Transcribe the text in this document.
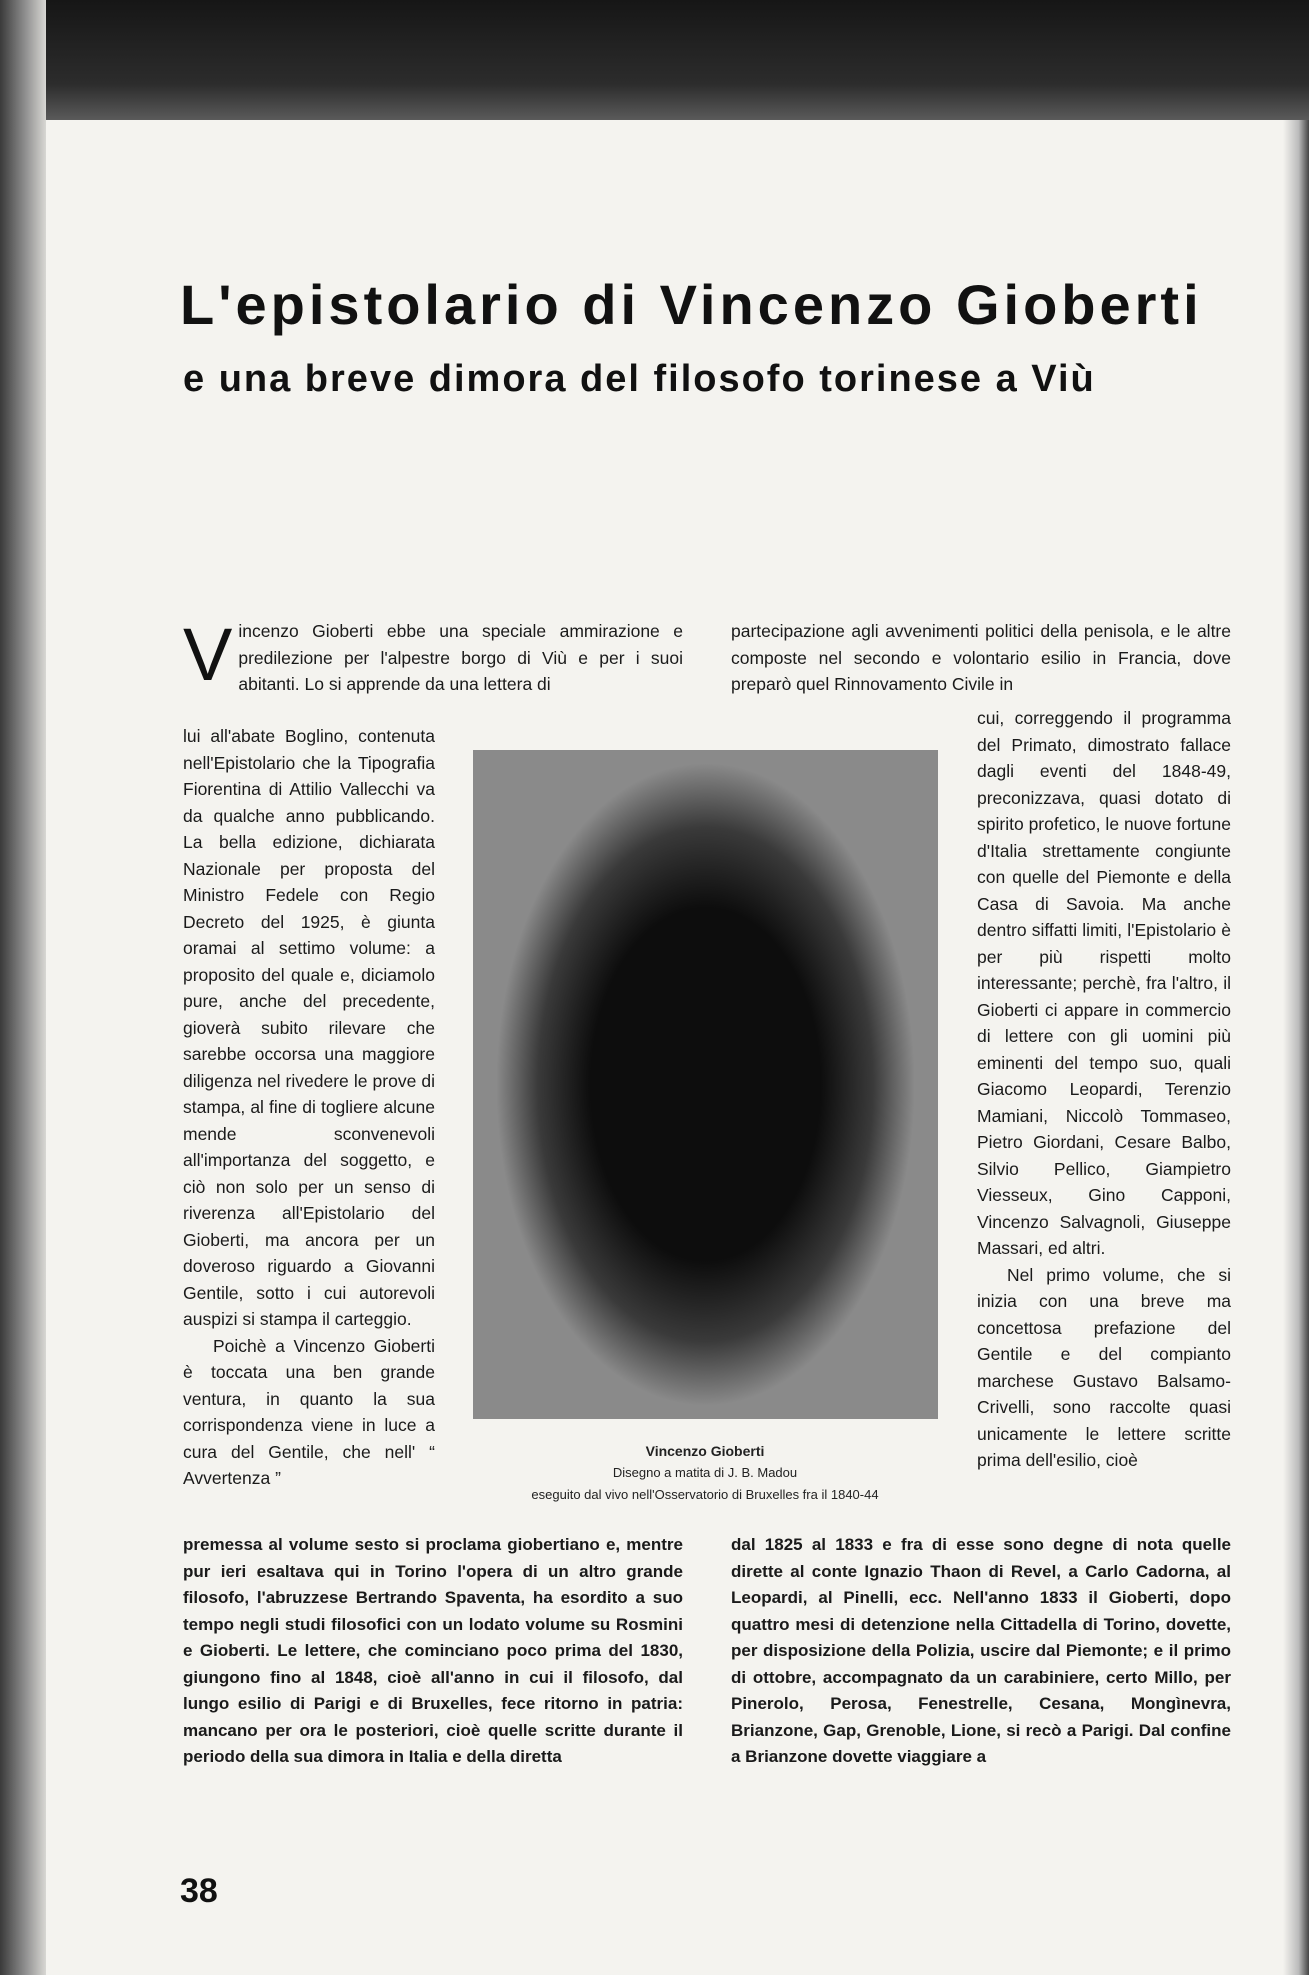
L'epistolario di Vincenzo Gioberti
e una breve dimora del filosofo torinese a Viù
V incenzo Gioberti ebbe una speciale ammirazione e predilezione per l'alpestre borgo di Viù e per i suoi abitanti. Lo si apprende da una lettera di

lui all'abate Boglino, contenuta nell'Epistolario che la Tipografia Fiorentina di Attilio Vallecchi va da qualche anno pubblicando. La bella edizione, dichiarata Nazionale per proposta del Ministro Fedele con Regio Decreto del 1925, è giunta oramai al settimo volume: a proposito del quale e, diciamolo pure, anche del precedente, gioverà subito rilevare che sarebbe occorsa una maggiore diligenza nel rivedere le prove di stampa, al fine di togliere alcune mende sconvenevoli all'importanza del soggetto, e ciò non solo per un senso di riverenza all'Epistolario del Gioberti, ma ancora per un doveroso riguardo a Giovanni Gentile, sotto i cui autorevoli auspizi si stampa il carteggio.

Poichè a Vincenzo Gioberti è toccata una ben grande ventura, in quanto la sua corrispondenza viene in luce a cura del Gentile, che nell' “ Avvertenza ”

partecipazione agli avvenimenti politici della penisola, e le altre composte nel secondo e volontario esilio in Francia, dove preparò quel Rinnovamento Civile in

cui, correggendo il programma del Primato, dimostrato fallace dagli eventi del 1848-49, preconizzava, quasi dotato di spirito profetico, le nuove fortune d'Italia strettamente congiunte con quelle del Piemonte e della Casa di Savoia. Ma anche dentro siffatti limiti, l'Epistolario è per più rispetti molto interessante; perchè, fra l'altro, il Gioberti ci appare in commercio di lettere con gli uomini più eminenti del tempo suo, quali Giacomo Leopardi, Terenzio Mamiani, Niccolò Tommaseo, Pietro Giordani, Cesare Balbo, Silvio Pellico, Giampietro Viesseux, Gino Capponi, Vincenzo Salvagnoli, Giuseppe Massari, ed altri.

Nel primo volume, che si inizia con una breve ma concettosa prefazione del Gentile e del compianto marchese Gustavo Balsamo-Crivelli, sono raccolte quasi unicamente le lettere scritte prima dell'esilio, cioè

Vincenzo Gioberti
Disegno a matita di J. B. Madou
eseguito dal vivo nell'Osservatorio di Bruxelles fra il 1840-44

premessa al volume sesto si proclama giobertiano e, mentre pur ieri esaltava qui in Torino l'opera di un altro grande filosofo, l'abruzzese Bertrando Spaventa, ha esordito a suo tempo negli studi filosofici con un lodato volume su Rosmini e Gioberti. Le lettere, che cominciano poco prima del 1830, giungono fino al 1848, cioè all'anno in cui il filosofo, dal lungo esilio di Parigi e di Bruxelles, fece ritorno in patria: mancano per ora le posteriori, cioè quelle scritte durante il periodo della sua dimora in Italia e della diretta

dal 1825 al 1833 e fra di esse sono degne di nota quelle dirette al conte Ignazio Thaon di Revel, a Carlo Cadorna, al Leopardi, al Pinelli, ecc. Nell'anno 1833 il Gioberti, dopo quattro mesi di detenzione nella Cittadella di Torino, dovette, per disposizione della Polizia, uscire dal Piemonte; e il primo di ottobre, accompagnato da un carabiniere, certo Millo, per Pinerolo, Perosa, Fenestrelle, Cesana, Mongìnevra, Brianzone, Gap, Grenoble, Lione, si recò a Parigi. Dal confine a Brianzone dovette viaggiare a

38
